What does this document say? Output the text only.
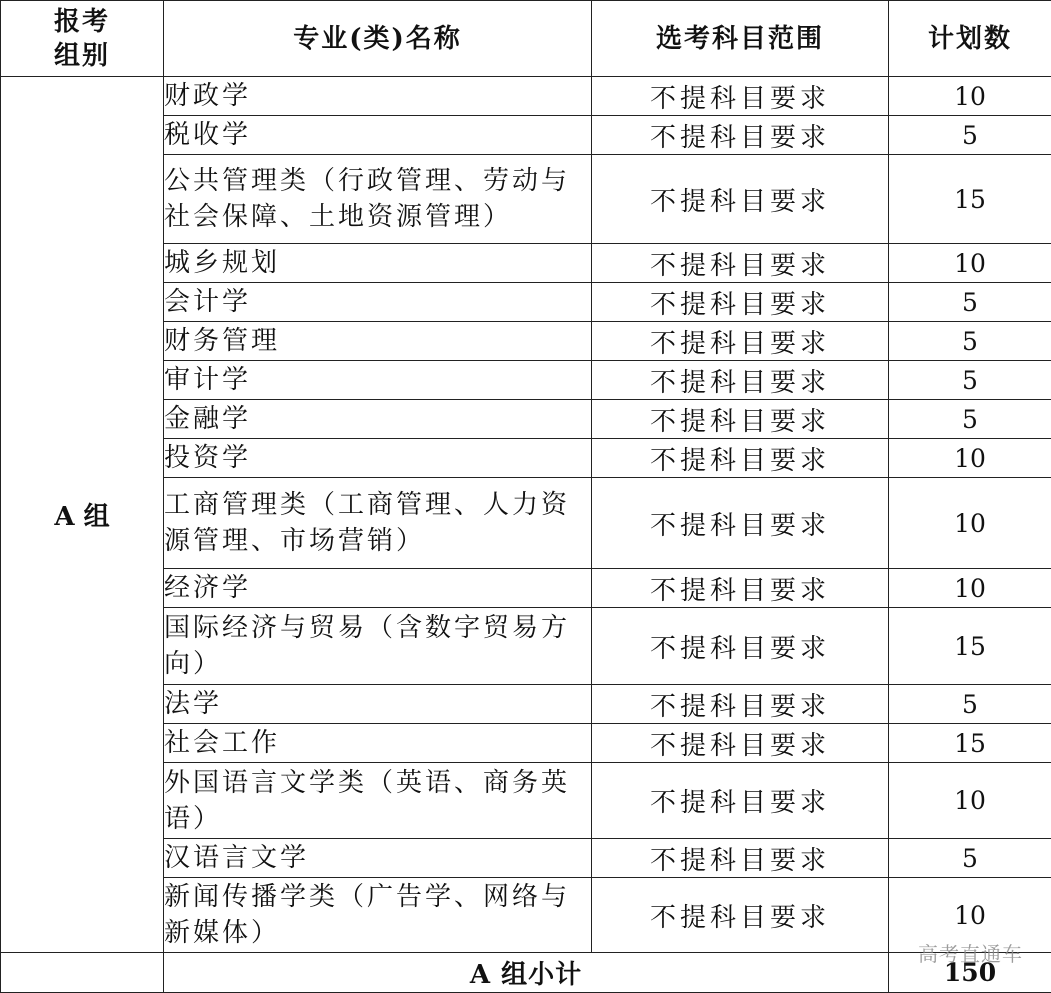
报考
组别	专业(类)名称	选考科目范围	计划数
A 组	财政学	不提科目要求	10
	税收学	不提科目要求	5
	公共管理类（行政管理、劳动与社会保障、土地资源管理）	不提科目要求	15
	城乡规划	不提科目要求	10
	会计学	不提科目要求	5
	财务管理	不提科目要求	5
	审计学	不提科目要求	5
	金融学	不提科目要求	5
	投资学	不提科目要求	10
	工商管理类（工商管理、人力资源管理、市场营销）	不提科目要求	10
	经济学	不提科目要求	10
	国际经济与贸易（含数字贸易方向）	不提科目要求	15
	法学	不提科目要求	5
	社会工作	不提科目要求	15
	外国语言文学类（英语、商务英语）	不提科目要求	10
	汉语言文学	不提科目要求	5
	新闻传播学类（广告学、网络与新媒体）	不提科目要求	10
	A 组小计		150
高考直通车
